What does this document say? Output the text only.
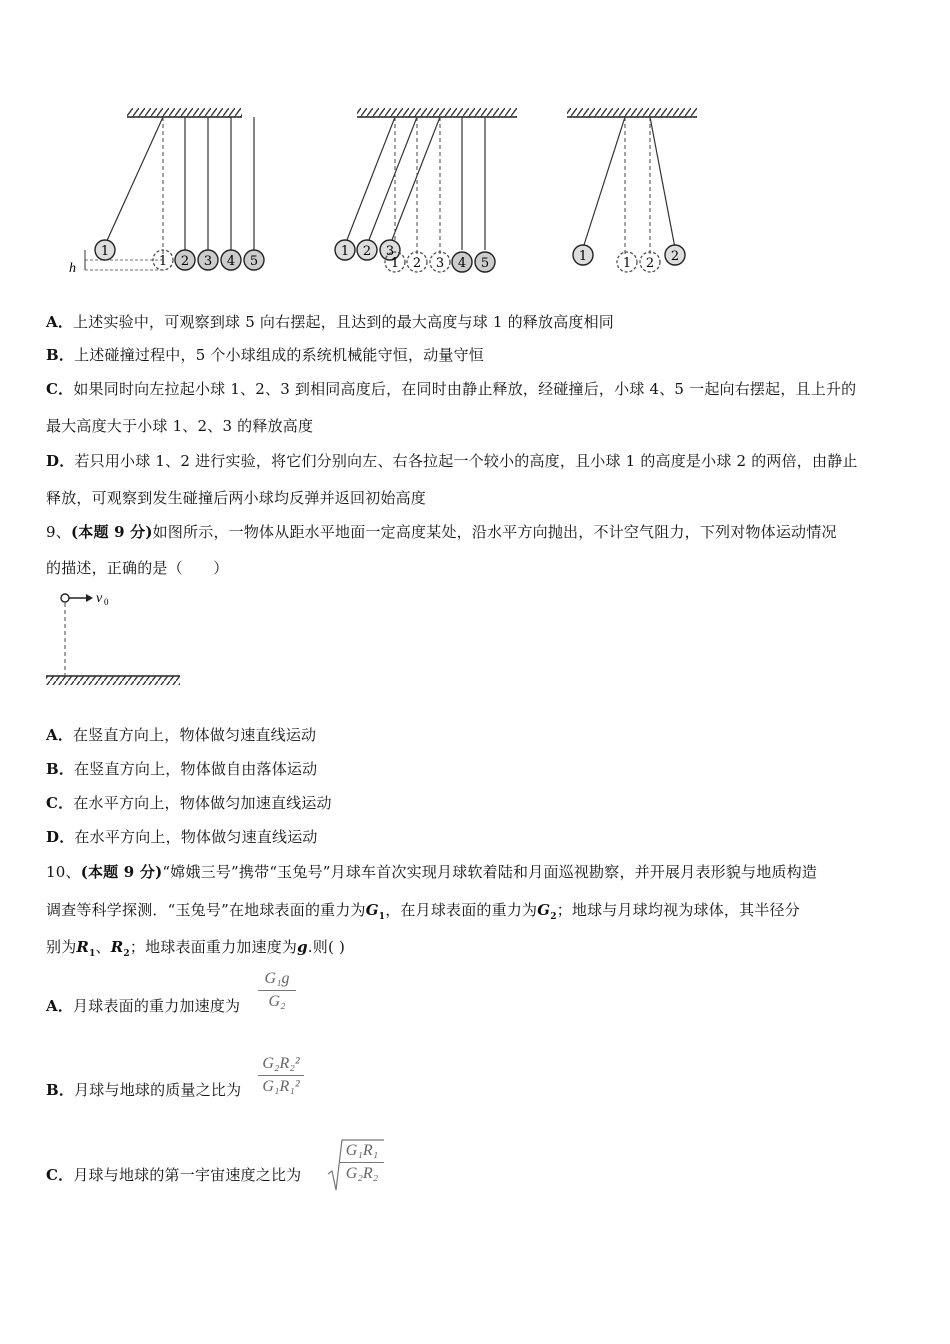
1
1 2 3 4 5
h
1 2 3
1 2 3 4 5	1	1 2 2
A．上述实验中，可观察到球 5 向右摆起，且达到的最大高度与球 1 的释放高度相同
B．上述碰撞过程中，5 个小球组成的系统机械能守恒，动量守恒
C．如果同时向左拉起小球 1、2、3 到相同高度后，在同时由静止释放，经碰撞后，小球 4、5 一起向右摆起，且上升的
最大高度大于小球 1、2、3 的释放高度
D．若只用小球 1、2 进行实验，将它们分别向左、右各拉起一个较小的高度，且小球 1 的高度是小球 2 的两倍，由静止
释放，可观察到发生碰撞后两小球均反弹并返回初始高度
9、(本题 9 分)如图所示，一物体从距水平地面一定高度某处，沿水平方向抛出，不计空气阻力，下列对物体运动情况
的描述，正确的是（　　）
v 0
A．在竖直方向上，物体做匀速直线运动
B．在竖直方向上，物体做自由落体运动
C．在水平方向上，物体做匀加速直线运动
D．在水平方向上，物体做匀速直线运动
10、(本题 9 分)“嫦娥三号”携带“玉兔号”月球车首次实现月球软着陆和月面巡视勘察，并开展月表形貌与地质构造
调查等科学探测．“玉兔号”在地球表面的重力为$G_1$，在月球表面的重力为$G_2$；地球与月球均视为球体，其半径分
别为$R_1$、$R_2$；地球表面重力加速度为g.则( )
A．月球表面的重力加速度为
G₁g
G₂
B．月球与地球的质量之比为
G₂R₂²
G₁R₁²
C．月球与地球的第一宇宙速度之比为
G₁R₁
G₂R₂
